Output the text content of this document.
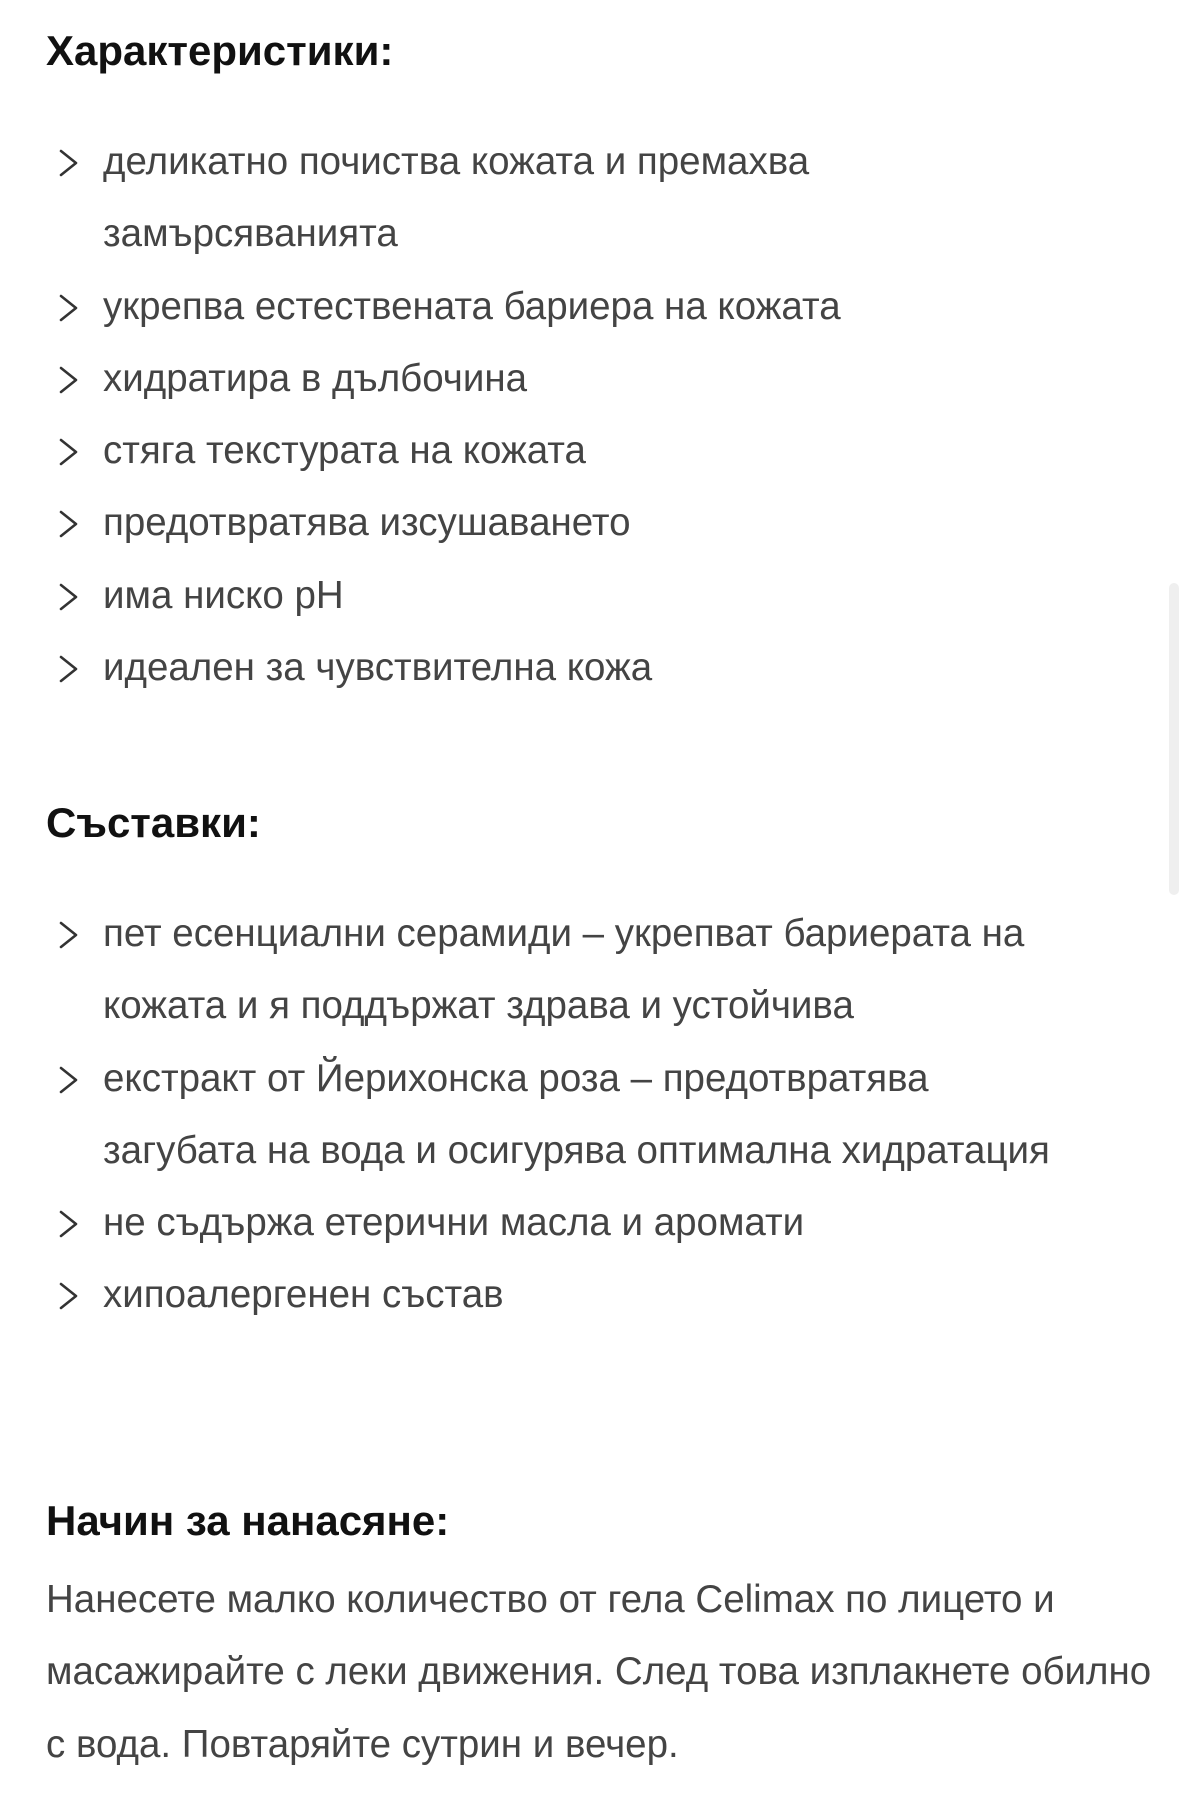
Характеристики:
деликатно почиства кожата и премахва замърсяванията
укрепва естествената бариера на кожата
хидратира в дълбочина
стяга текстурата на кожата
предотвратява изсушаването
има ниско pH
идеален за чувствителна кожа
Съставки:
пет есенциални серамиди – укрепват бариерата на кожата и я поддържат здрава и устойчива
екстракт от Йерихонска роза – предотвратява загубата на вода и осигурява оптимална хидратация
не съдържа етерични масла и аромати
хипоалергенен състав
Начин за нанасяне:

Нанесете малко количество от гела Celimax по лицето и масажирайте с леки движения. След това изплакнете обилно с вода. Повтаряйте сутрин и вечер.
